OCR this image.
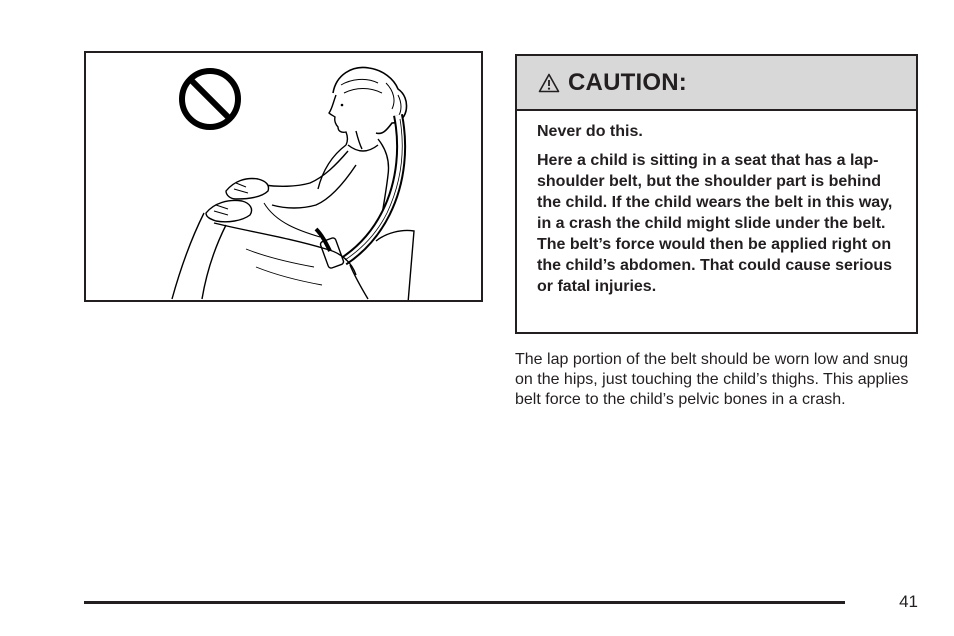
CAUTION:

Never do this.

Here a child is sitting in a seat that has a lap-shoulder belt, but the shoulder part is behind the child. If the child wears the belt in this way, in a crash the child might slide under the belt. The belt’s force would then be applied right on the child’s abdomen. That could cause serious or fatal injuries.

The lap portion of the belt should be worn low and snug on the hips, just touching the child’s thighs. This applies belt force to the child’s pelvic bones in a crash.

41
